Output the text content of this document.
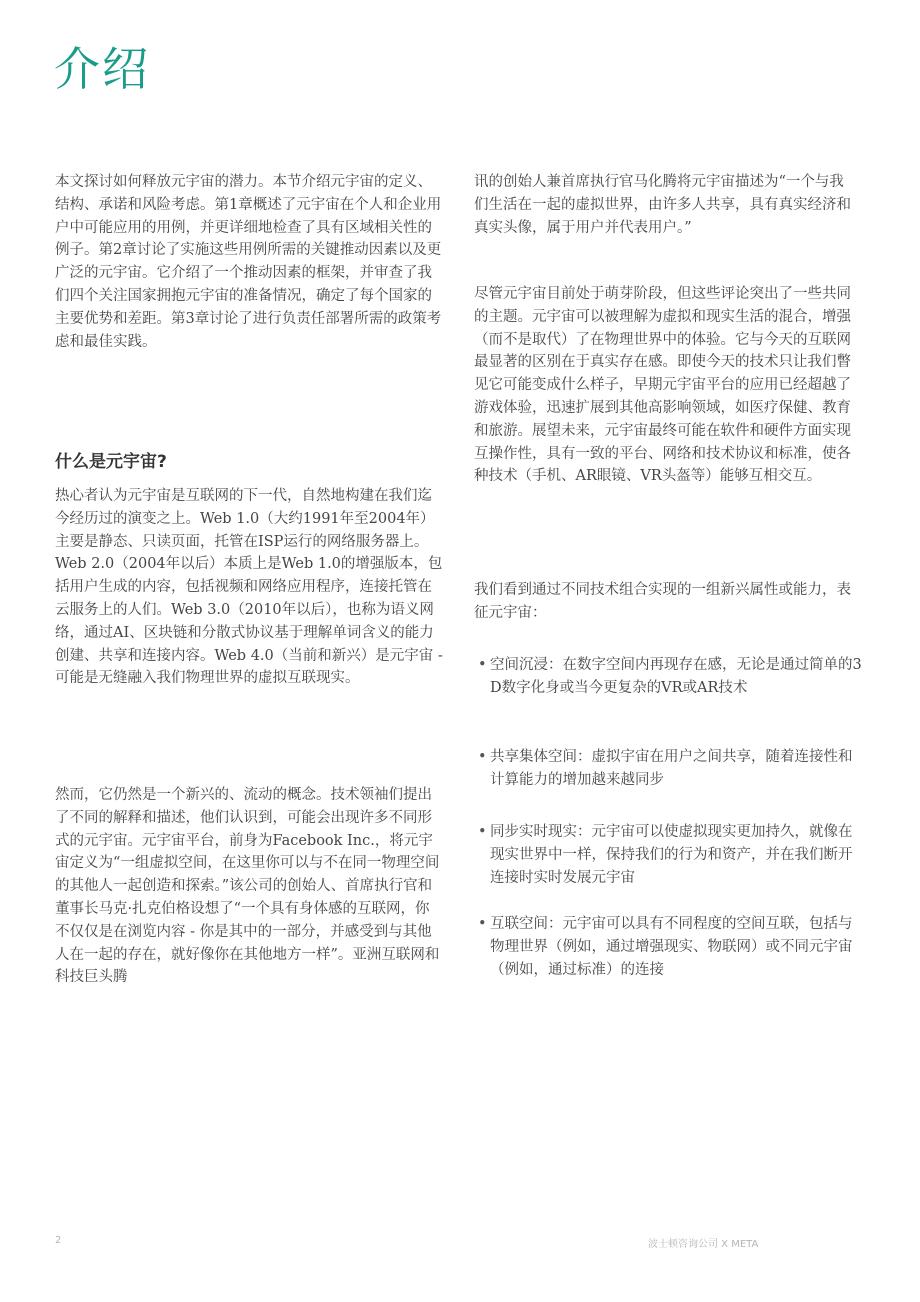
介绍

本文探讨如何释放元宇宙的潜力。本节介绍元宇宙的定义、结构、承诺和风险考虑。第1章概述了元宇宙在个人和企业用户中可能应用的用例，并更详细地检查了具有区域相关性的例子。第2章讨论了实施这些用例所需的关键推动因素以及更广泛的元宇宙。它介绍了一个推动因素的框架，并审查了我们四个关注国家拥抱元宇宙的准备情况，确定了每个国家的主要优势和差距。第3章讨论了进行负责任部署所需的政策考虑和最佳实践。

什么是元宇宙?

热心者认为元宇宙是互联网的下一代，自然地构建在我们迄今经历过的演变之上。Web 1.0（大约1991年至2004年）主要是静态、只读页面，托管在ISP运行的网络服务器上。Web 2.0（2004年以后）本质上是Web 1.0的增强版本，包括用户生成的内容，包括视频和网络应用程序，连接托管在云服务上的人们。Web 3.0（2010年以后），也称为语义网络，通过AI、区块链和分散式协议基于理解单词含义的能力创建、共享和连接内容。Web 4.0（当前和新兴）是元宇宙 - 可能是无缝融入我们物理世界的虚拟互联现实。

然而，它仍然是一个新兴的、流动的概念。技术领袖们提出了不同的解释和描述，他们认识到，可能会出现许多不同形式的元宇宙。元宇宙平台，前身为Facebook Inc.，将元宇宙定义为“一组虚拟空间，在这里你可以与不在同一物理空间的其他人一起创造和探索。”该公司的创始人、首席执行官和董事长马克·扎克伯格设想了“一个具有身体感的互联网，你不仅仅是在浏览内容 - 你是其中的一部分，并感受到与其他人在一起的存在，就好像你在其他地方一样”。亚洲互联网和科技巨头腾

讯的创始人兼首席执行官马化腾将元宇宙描述为“一个与我们生活在一起的虚拟世界，由许多人共享，具有真实经济和真实头像，属于用户并代表用户。”

尽管元宇宙目前处于萌芽阶段，但这些评论突出了一些共同的主题。元宇宙可以被理解为虚拟和现实生活的混合，增强（而不是取代）了在物理世界中的体验。它与今天的互联网最显著的区别在于真实存在感。即使今天的技术只让我们瞥见它可能变成什么样子，早期元宇宙平台的应用已经超越了游戏体验，迅速扩展到其他高影响领域，如医疗保健、教育和旅游。展望未来，元宇宙最终可能在软件和硬件方面实现互操作性，具有一致的平台、网络和技术协议和标准，使各种技术（手机、AR眼镜、VR头盔等）能够互相交互。

我们看到通过不同技术组合实现的一组新兴属性或能力，表征元宇宙：

• 空间沉浸：在数字空间内再现存在感，无论是通过简单的3D数字化身或当今更复杂的VR或AR技术
• 共享集体空间：虚拟宇宙在用户之间共享，随着连接性和计算能力的增加越来越同步
• 同步实时现实：元宇宙可以使虚拟现实更加持久，就像在现实世界中一样，保持我们的行为和资产，并在我们断开连接时实时发展元宇宙
• 互联空间：元宇宙可以具有不同程度的空间互联，包括与物理世界（例如，通过增强现实、物联网）或不同元宇宙（例如，通过标准）的连接
2	波士顿咨询公司 X META
